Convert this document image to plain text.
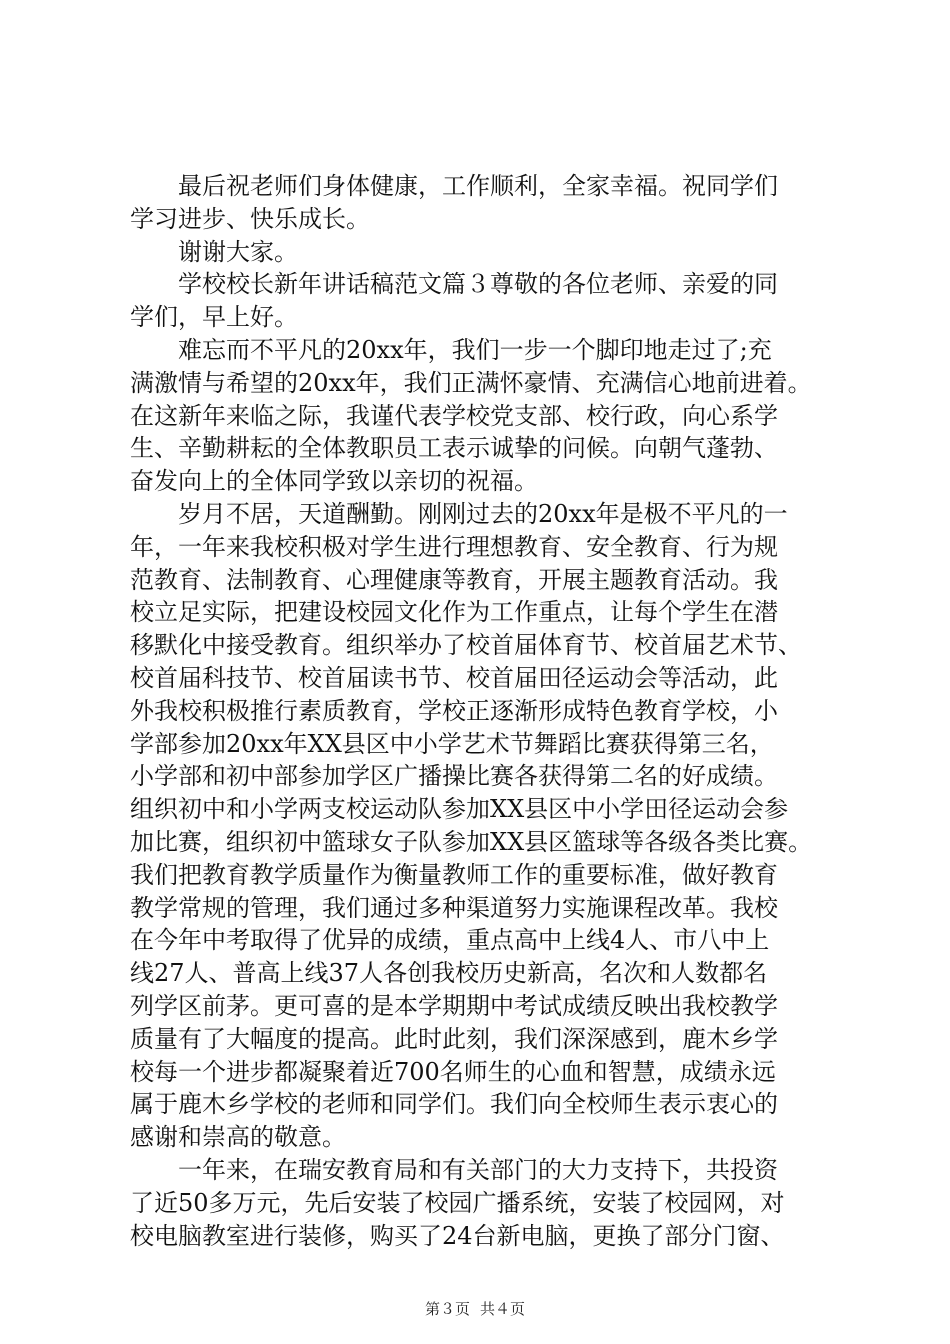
最后祝老师们身体健康，工作顺利，全家幸福。祝同学们
学习进步、快乐成长。
谢谢大家。
学校校长新年讲话稿范文篇３尊敬的各位老师、亲爱的同
学们，早上好。
难忘而不平凡的20xx年，我们一步一个脚印地走过了;充
满激情与希望的20xx年，我们正满怀豪情、充满信心地前进着。
在这新年来临之际，我谨代表学校党支部、校行政，向心系学
生、辛勤耕耘的全体教职员工表示诚挚的问候。向朝气蓬勃、
奋发向上的全体同学致以亲切的祝福。
岁月不居，天道酬勤。刚刚过去的20xx年是极不平凡的一
年，一年来我校积极对学生进行理想教育、安全教育、行为规
范教育、法制教育、心理健康等教育，开展主题教育活动。我
校立足实际，把建设校园文化作为工作重点，让每个学生在潜
移默化中接受教育。组织举办了校首届体育节、校首届艺术节、
校首届科技节、校首届读书节、校首届田径运动会等活动，此
外我校积极推行素质教育，学校正逐渐形成特色教育学校，小
学部参加20xx年XX县区中小学艺术节舞蹈比赛获得第三名，
小学部和初中部参加学区广播操比赛各获得第二名的好成绩。
组织初中和小学两支校运动队参加XX县区中小学田径运动会参
加比赛，组织初中篮球女子队参加XX县区篮球等各级各类比赛。
我们把教育教学质量作为衡量教师工作的重要标准，做好教育
教学常规的管理，我们通过多种渠道努力实施课程改革。我校
在今年中考取得了优异的成绩，重点高中上线4人、市八中上
线27人、普高上线37人各创我校历史新高，名次和人数都名
列学区前茅。更可喜的是本学期期中考试成绩反映出我校教学
质量有了大幅度的提高。此时此刻，我们深深感到，鹿木乡学
校每一个进步都凝聚着近700名师生的心血和智慧，成绩永远
属于鹿木乡学校的老师和同学们。我们向全校师生表示衷心的
感谢和崇高的敬意。
一年来，在瑞安教育局和有关部门的大力支持下，共投资
了近50多万元，先后安装了校园广播系统，安装了校园网，对
校电脑教室进行装修，购买了24台新电脑，更换了部分门窗、
第３页 共４页
